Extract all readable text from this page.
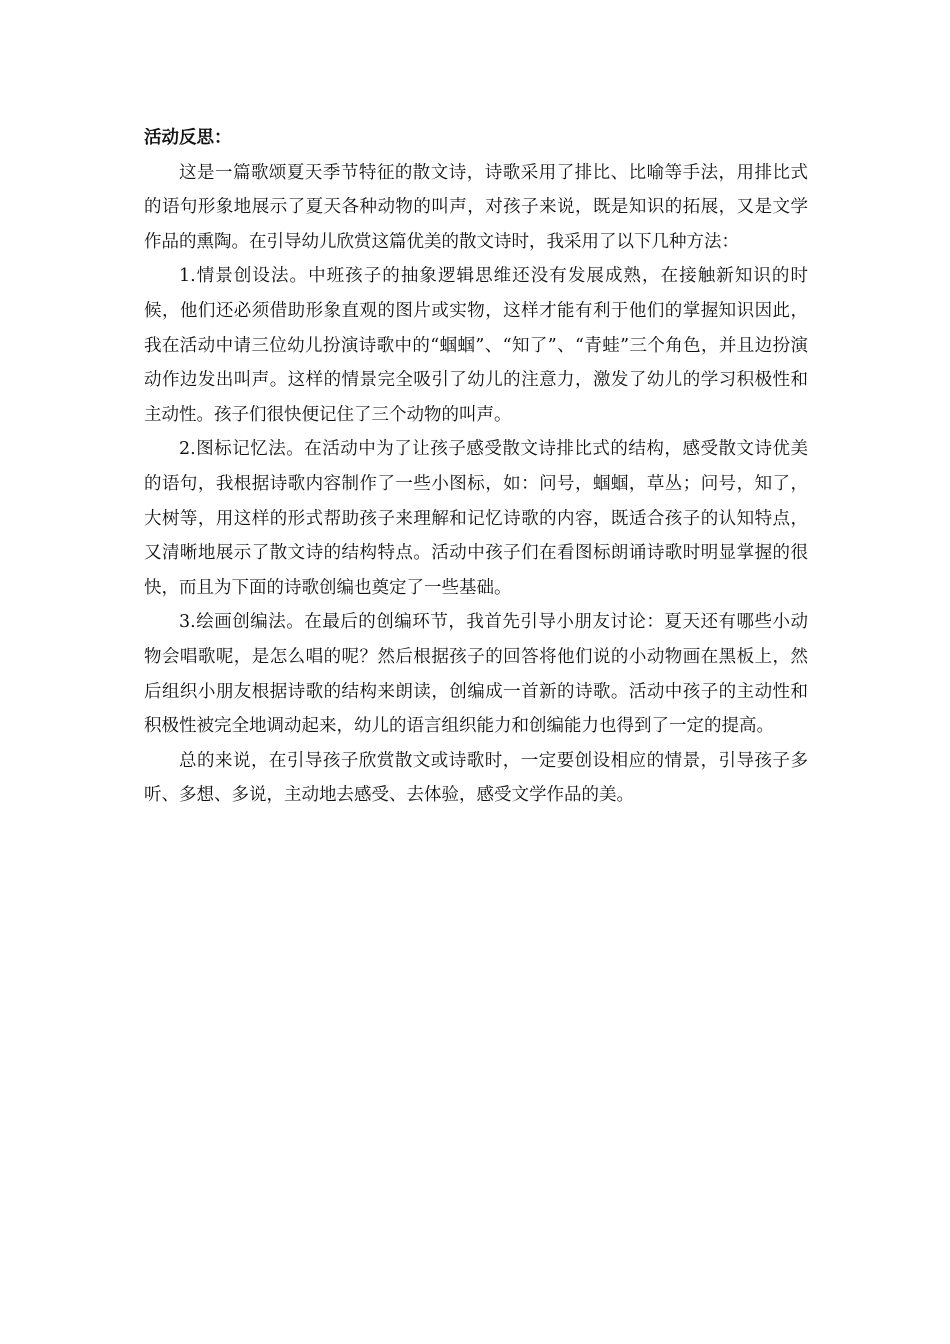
活动反思：

这是一篇歌颂夏天季节特征的散文诗，诗歌采用了排比、比喻等手法，用排比式的语句形象地展示了夏天各种动物的叫声，对孩子来说，既是知识的拓展，又是文学作品的熏陶。在引导幼儿欣赏这篇优美的散文诗时，我采用了以下几种方法：

1.情景创设法。中班孩子的抽象逻辑思维还没有发展成熟，在接触新知识的时候，他们还必须借助形象直观的图片或实物，这样才能有利于他们的掌握知识因此，我在活动中请三位幼儿扮演诗歌中的“蝈蝈”、“知了”、“青蛙”三个角色，并且边扮演动作边发出叫声。这样的情景完全吸引了幼儿的注意力，激发了幼儿的学习积极性和主动性。孩子们很快便记住了三个动物的叫声。

2.图标记忆法。在活动中为了让孩子感受散文诗排比式的结构，感受散文诗优美的语句，我根据诗歌内容制作了一些小图标，如：问号，蝈蝈，草丛；问号，知了，大树等，用这样的形式帮助孩子来理解和记忆诗歌的内容，既适合孩子的认知特点，又清晰地展示了散文诗的结构特点。活动中孩子们在看图标朗诵诗歌时明显掌握的很快，而且为下面的诗歌创编也奠定了一些基础。

3.绘画创编法。在最后的创编环节，我首先引导小朋友讨论：夏天还有哪些小动物会唱歌呢，是怎么唱的呢？然后根据孩子的回答将他们说的小动物画在黑板上，然后组织小朋友根据诗歌的结构来朗读，创编成一首新的诗歌。活动中孩子的主动性和积极性被完全地调动起来，幼儿的语言组织能力和创编能力也得到了一定的提高。

总的来说，在引导孩子欣赏散文或诗歌时，一定要创设相应的情景，引导孩子多听、多想、多说，主动地去感受、去体验，感受文学作品的美。
